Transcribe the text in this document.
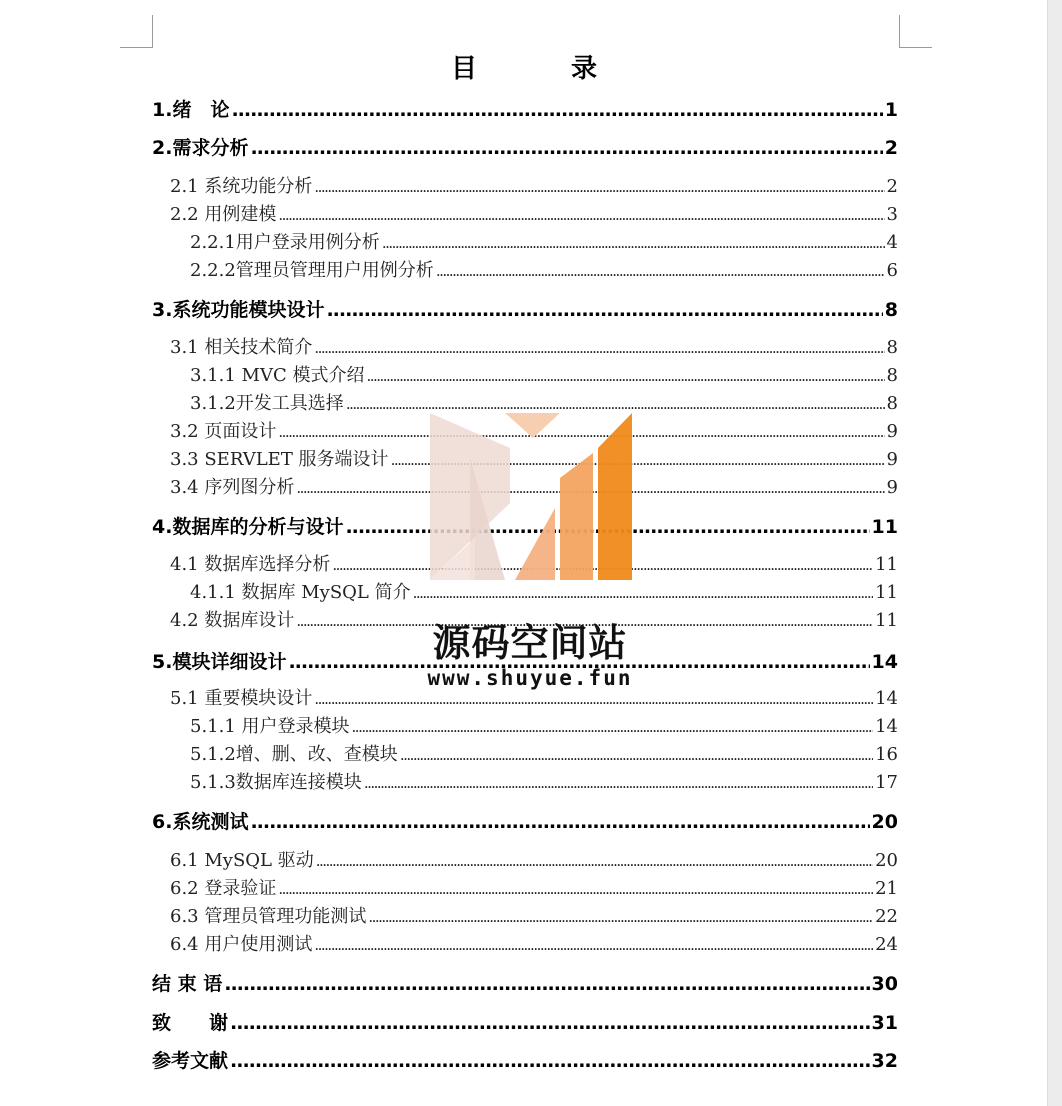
目　录
1.绪　论 .....	1
2.需求分析 .....	2
2.1 系统功能分析 .....	2
2.2 用例建模 .....	3
2.2.1用户登录用例分析 .....	4
2.2.2管理员管理用户用例分析 .....	6
3.系统功能模块设计 .....	8
3.1 相关技术简介 .....	8
3.1.1 MVC 模式介绍 .....	8
3.1.2开发工具选择 .....	8
3.2 页面设计 .....	9
3.3 SERVLET 服务端设计 .....	9
3.4 序列图分析 .....	9
4.数据库的分析与设计 .....	11
4.1 数据库选择分析 .....	11
4.1.1 数据库 MySQL 简介 .....	11
4.2 数据库设计 .....	11
5.模块详细设计 .....	14
5.1 重要模块设计 .....	14
5.1.1 用户登录模块 .....	14
5.1.2增、删、改、查模块 .....	16
5.1.3数据库连接模块 .....	17
6.系统测试 .....	20
6.1 MySQL 驱动 .....	20
6.2 登录验证 .....	21
6.3 管理员管理功能测试 .....	22
6.4 用户使用测试 .....	24
结 束 语 .....	30
致　　谢 .....	31
参考文献 .....	32
源码空间站
www.shuyue.fun
